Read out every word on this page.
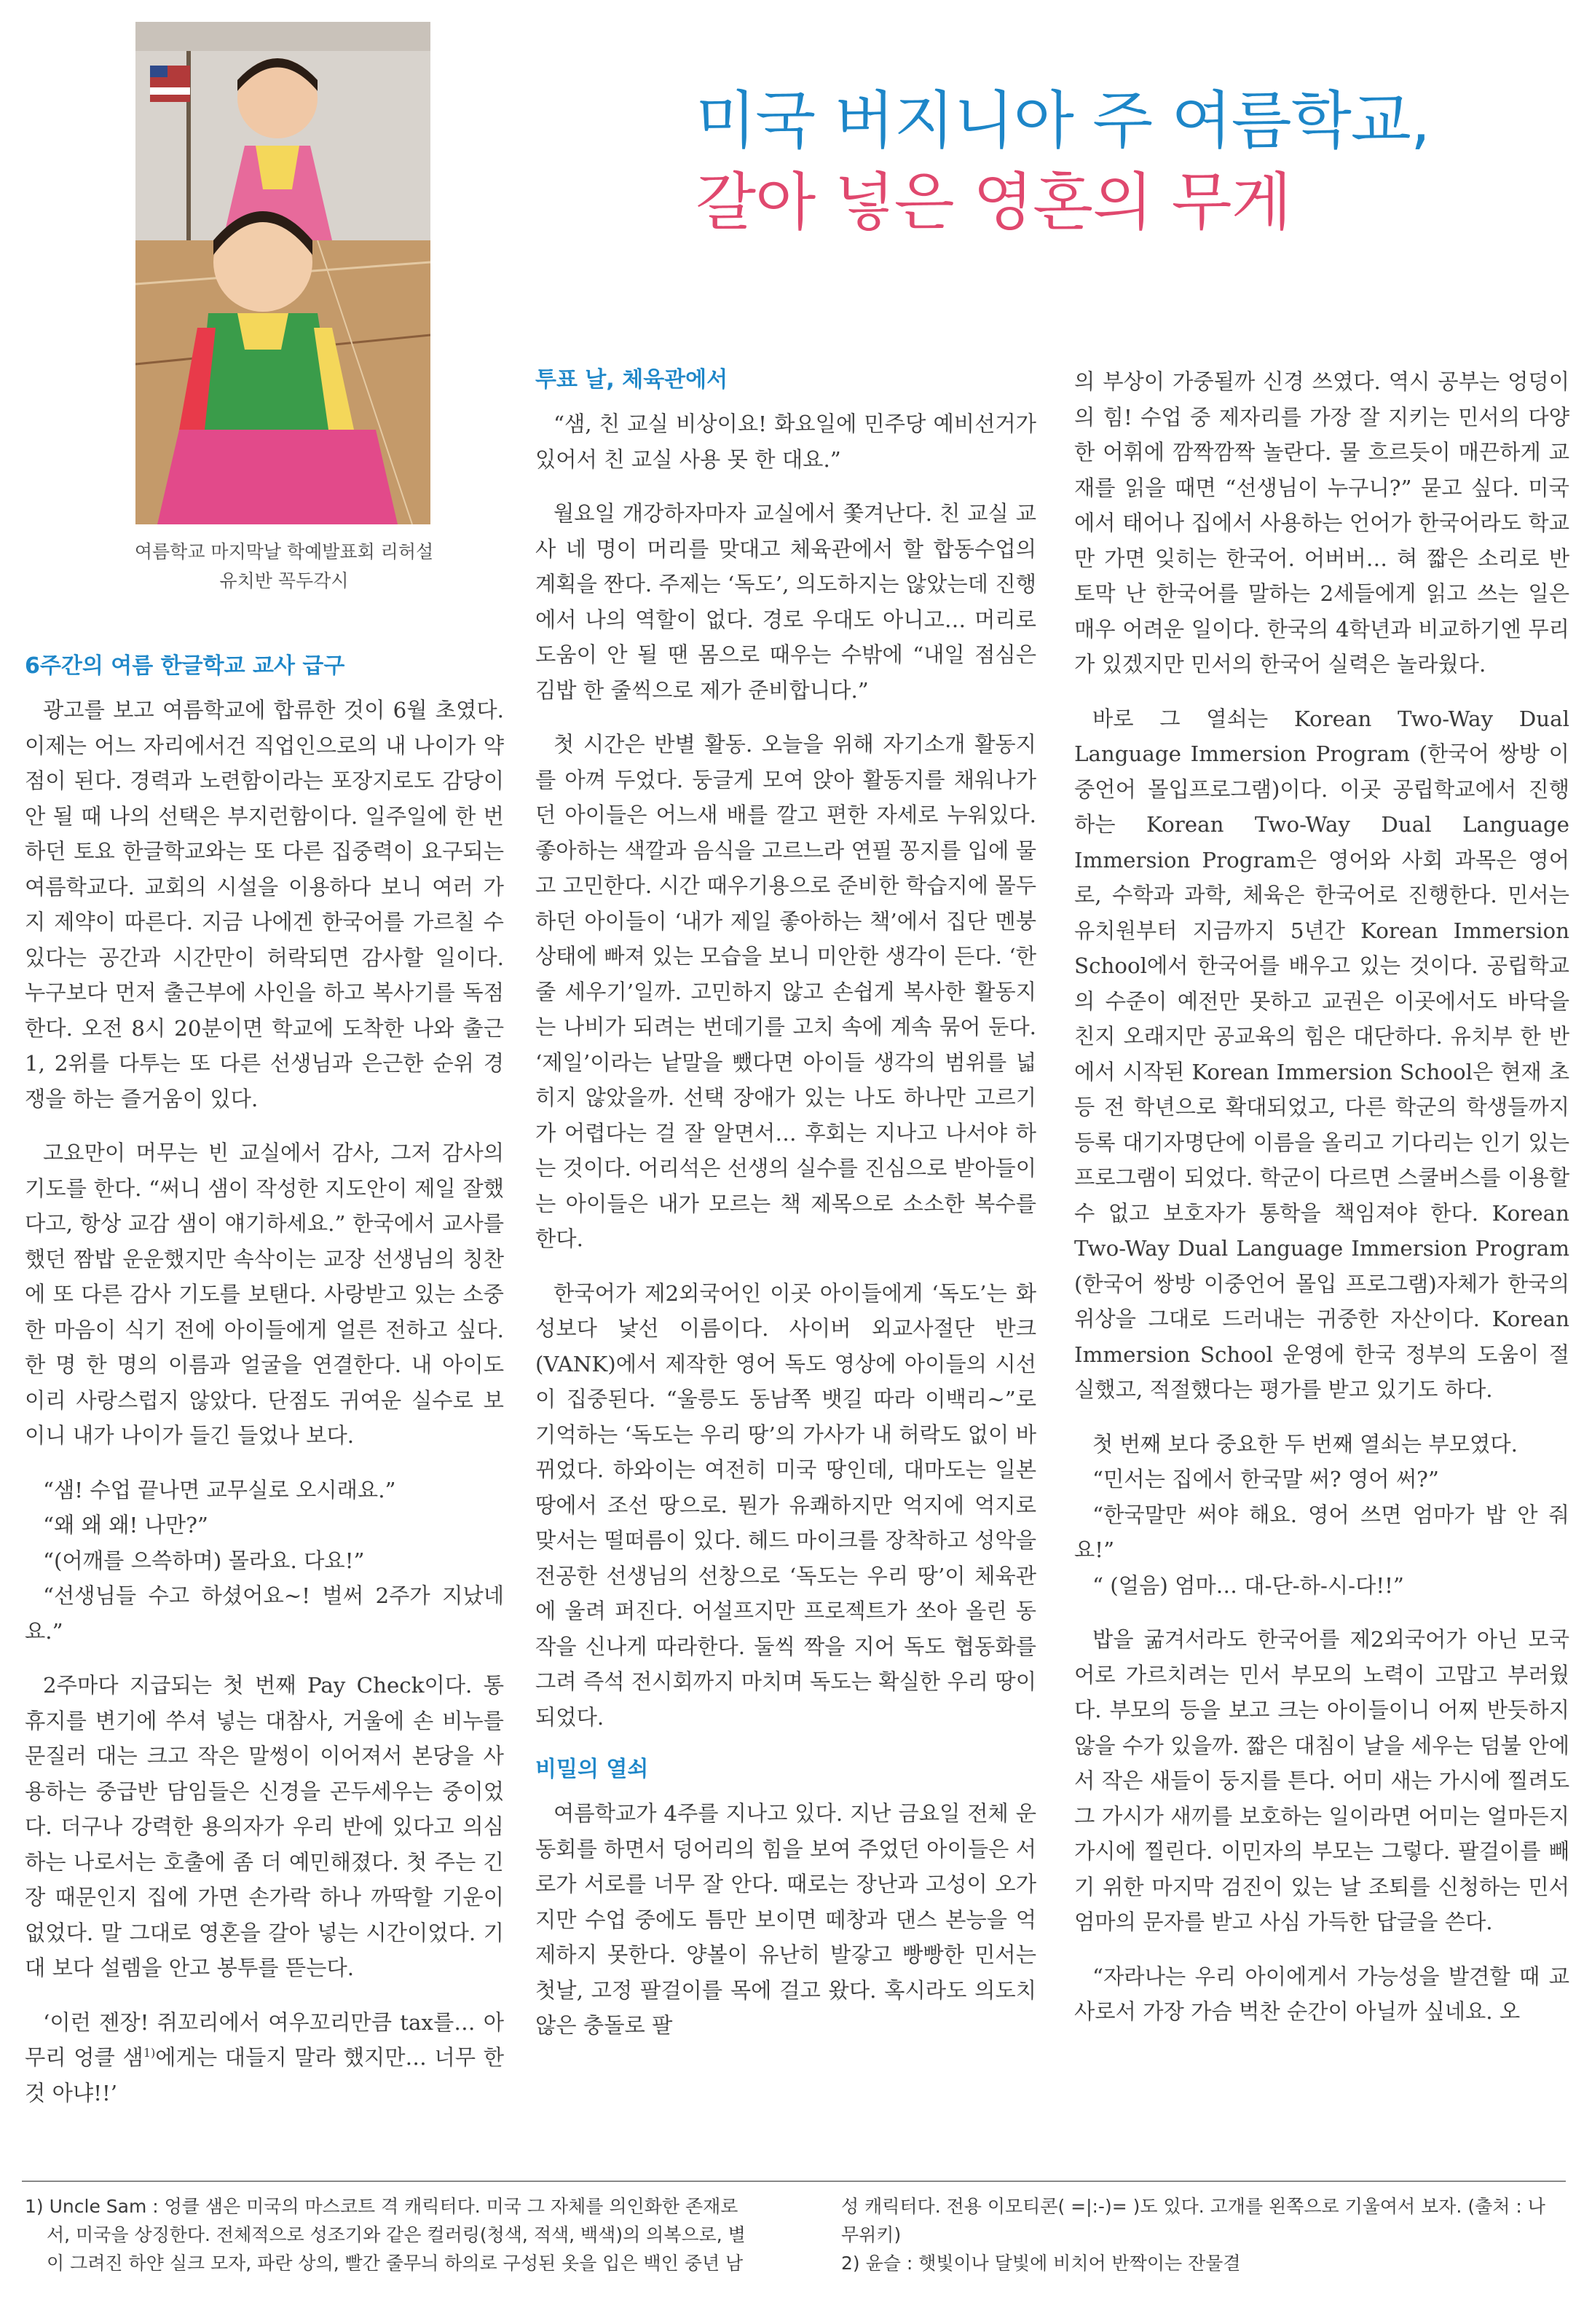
여름학교 마지막날 학예발표회 리허설
유치반 꼭두각시
미국 버지니아 주 여름학교,
갈아 넣은 영혼의 무게
6주간의 여름 한글학교 교사 급구

광고를 보고 여름학교에 합류한 것이 6월 초였다. 이제는 어느 자리에서건 직업인으로의 내 나이가 약점이 된다. 경력과 노련함이라는 포장지로도 감당이 안 될 때 나의 선택은 부지런함이다. 일주일에 한 번 하던 토요 한글학교와는 또 다른 집중력이 요구되는 여름학교다. 교회의 시설을 이용하다 보니 여러 가지 제약이 따른다. 지금 나에겐 한국어를 가르칠 수 있다는 공간과 시간만이 허락되면 감사할 일이다. 누구보다 먼저 출근부에 사인을 하고 복사기를 독점한다. 오전 8시 20분이면 학교에 도착한 나와 출근 1, 2위를 다투는 또 다른 선생님과 은근한 순위 경쟁을 하는 즐거움이 있다.

고요만이 머무는 빈 교실에서 감사, 그저 감사의 기도를 한다. “써니 샘이 작성한 지도안이 제일 잘했다고, 항상 교감 샘이 얘기하세요.” 한국에서 교사를 했던 짬밥 운운했지만 속삭이는 교장 선생님의 칭찬에 또 다른 감사 기도를 보탠다. 사랑받고 있는 소중한 마음이 식기 전에 아이들에게 얼른 전하고 싶다. 한 명 한 명의 이름과 얼굴을 연결한다. 내 아이도 이리 사랑스럽지 않았다. 단점도 귀여운 실수로 보이니 내가 나이가 들긴 들었나 보다.

“샘! 수업 끝나면 교무실로 오시래요.”

“왜 왜 왜! 나만?”

“(어깨를 으쓱하며) 몰라요. 다요!”

“선생님들 수고 하셨어요~! 벌써 2주가 지났네요.”

2주마다 지급되는 첫 번째 Pay Check이다. 통 휴지를 변기에 쑤셔 넣는 대참사, 거울에 손 비누를 문질러 대는 크고 작은 말썽이 이어져서 본당을 사용하는 중급반 담임들은 신경을 곤두세우는 중이었다. 더구나 강력한 용의자가 우리 반에 있다고 의심하는 나로서는 호출에 좀 더 예민해졌다. 첫 주는 긴장 때문인지 집에 가면 손가락 하나 까딱할 기운이 없었다. 말 그대로 영혼을 갈아 넣는 시간이었다. 기대 보다 설렘을 안고 봉투를 뜯는다.

‘이런 젠장! 쥐꼬리에서 여우꼬리만큼 tax를… 아무리 엉클 샘$^{1)}$에게는 대들지 말라 했지만… 너무 한 것 아냐!!’

투표 날, 체육관에서

“샘, 친 교실 비상이요! 화요일에 민주당 예비선거가 있어서 친 교실 사용 못 한 대요.”

월요일 개강하자마자 교실에서 쫓겨난다. 친 교실 교사 네 명이 머리를 맞대고 체육관에서 할 합동수업의 계획을 짠다. 주제는 ‘독도’, 의도하지는 않았는데 진행에서 나의 역할이 없다. 경로 우대도 아니고… 머리로 도움이 안 될 땐 몸으로 때우는 수밖에 “내일 점심은 김밥 한 줄씩으로 제가 준비합니다.”

첫 시간은 반별 활동. 오늘을 위해 자기소개 활동지를 아껴 두었다. 둥글게 모여 앉아 활동지를 채워나가던 아이들은 어느새 배를 깔고 편한 자세로 누워있다. 좋아하는 색깔과 음식을 고르느라 연필 꽁지를 입에 물고 고민한다. 시간 때우기용으로 준비한 학습지에 몰두하던 아이들이 ‘내가 제일 좋아하는 책’에서 집단 멘붕 상태에 빠져 있는 모습을 보니 미안한 생각이 든다. ‘한 줄 세우기’일까. 고민하지 않고 손쉽게 복사한 활동지는 나비가 되려는 번데기를 고치 속에 계속 묶어 둔다. ‘제일’이라는 낱말을 뺐다면 아이들 생각의 범위를 넓히지 않았을까. 선택 장애가 있는 나도 하나만 고르기가 어렵다는 걸 잘 알면서… 후회는 지나고 나서야 하는 것이다. 어리석은 선생의 실수를 진심으로 받아들이는 아이들은 내가 모르는 책 제목으로 소소한 복수를 한다.

한국어가 제2외국어인 이곳 아이들에게 ‘독도’는 화성보다 낯선 이름이다. 사이버 외교사절단 반크(VANK)에서 제작한 영어 독도 영상에 아이들의 시선이 집중된다. “울릉도 동남쪽 뱃길 따라 이백리~”로 기억하는 ‘독도는 우리 땅’의 가사가 내 허락도 없이 바뀌었다. 하와이는 여전히 미국 땅인데, 대마도는 일본 땅에서 조선 땅으로. 뭔가 유쾌하지만 억지에 억지로 맞서는 떨떠름이 있다. 헤드 마이크를 장착하고 성악을 전공한 선생님의 선창으로 ‘독도는 우리 땅’이 체육관에 울려 퍼진다. 어설프지만 프로젝트가 쏘아 올린 동작을 신나게 따라한다. 둘씩 짝을 지어 독도 협동화를 그려 즉석 전시회까지 마치며 독도는 확실한 우리 땅이 되었다.

비밀의 열쇠

여름학교가 4주를 지나고 있다. 지난 금요일 전체 운동회를 하면서 덩어리의 힘을 보여 주었던 아이들은 서로가 서로를 너무 잘 안다. 때로는 장난과 고성이 오가지만 수업 중에도 틈만 보이면 떼창과 댄스 본능을 억제하지 못한다. 양볼이 유난히 발갛고 빵빵한 민서는 첫날, 고정 팔걸이를 목에 걸고 왔다. 혹시라도 의도치 않은 충돌로 팔

의 부상이 가중될까 신경 쓰였다. 역시 공부는 엉덩이의 힘! 수업 중 제자리를 가장 잘 지키는 민서의 다양한 어휘에 깜짝깜짝 놀란다. 물 흐르듯이 매끈하게 교재를 읽을 때면 “선생님이 누구니?” 묻고 싶다. 미국에서 태어나 집에서 사용하는 언어가 한국어라도 학교만 가면 잊히는 한국어. 어버버… 혀 짧은 소리로 반 토막 난 한국어를 말하는 2세들에게 읽고 쓰는 일은 매우 어려운 일이다. 한국의 4학년과 비교하기엔 무리가 있겠지만 민서의 한국어 실력은 놀라웠다.

바로 그 열쇠는 Korean Two-Way Dual Language Immersion Program (한국어 쌍방 이중언어 몰입프로그램)이다. 이곳 공립학교에서 진행하는 Korean Two-Way Dual Language Immersion Program은 영어와 사회 과목은 영어로, 수학과 과학, 체육은 한국어로 진행한다. 민서는 유치원부터 지금까지 5년간 Korean Immersion School에서 한국어를 배우고 있는 것이다. 공립학교의 수준이 예전만 못하고 교권은 이곳에서도 바닥을 친지 오래지만 공교육의 힘은 대단하다. 유치부 한 반에서 시작된 Korean Immersion School은 현재 초등 전 학년으로 확대되었고, 다른 학군의 학생들까지 등록 대기자명단에 이름을 올리고 기다리는 인기 있는 프로그램이 되었다. 학군이 다르면 스쿨버스를 이용할 수 없고 보호자가 통학을 책임져야 한다. Korean Two-Way Dual Language Immersion Program (한국어 쌍방 이중언어 몰입 프로그램)자체가 한국의 위상을 그대로 드러내는 귀중한 자산이다. Korean Immersion School 운영에 한국 정부의 도움이 절실했고, 적절했다는 평가를 받고 있기도 하다.

첫 번째 보다 중요한 두 번째 열쇠는 부모였다.

“민서는 집에서 한국말 써? 영어 써?”

“한국말만 써야 해요. 영어 쓰면 엄마가 밥 안 줘요!”

“ (얼음) 엄마… 대-단-하-시-다!!”

밥을 굶겨서라도 한국어를 제2외국어가 아닌 모국어로 가르치려는 민서 부모의 노력이 고맙고 부러웠다. 부모의 등을 보고 크는 아이들이니 어찌 반듯하지 않을 수가 있을까. 짧은 대침이 날을 세우는 덤불 안에서 작은 새들이 둥지를 튼다. 어미 새는 가시에 찔려도 그 가시가 새끼를 보호하는 일이라면 어미는 얼마든지 가시에 찔린다. 이민자의 부모는 그렇다. 팔걸이를 빼기 위한 마지막 검진이 있는 날 조퇴를 신청하는 민서 엄마의 문자를 받고 사심 가득한 답글을 쓴다.

“자라나는 우리 아이에게서 가능성을 발견할 때 교사로서 가장 가슴 벅찬 순간이 아닐까 싶네요. 오

1) Uncle Sam : 엉클 샘은 미국의 마스코트 격 캐릭터다. 미국 그 자체를 의인화한 존재로서, 미국을 상징한다. 전체적으로 성조기와 같은 컬러링(청색, 적색, 백색)의 의복으로, 별이 그려진 하얀 실크 모자, 파란 상의, 빨간 줄무늬 하의로 구성된 옷을 입은 백인 중년 남

성 캐릭터다. 전용 이모티콘( =|:-)= )도 있다. 고개를 왼쪽으로 기울여서 보자. (출처 : 나무위키)

2) 윤슬 : 햇빛이나 달빛에 비치어 반짝이는 잔물결
